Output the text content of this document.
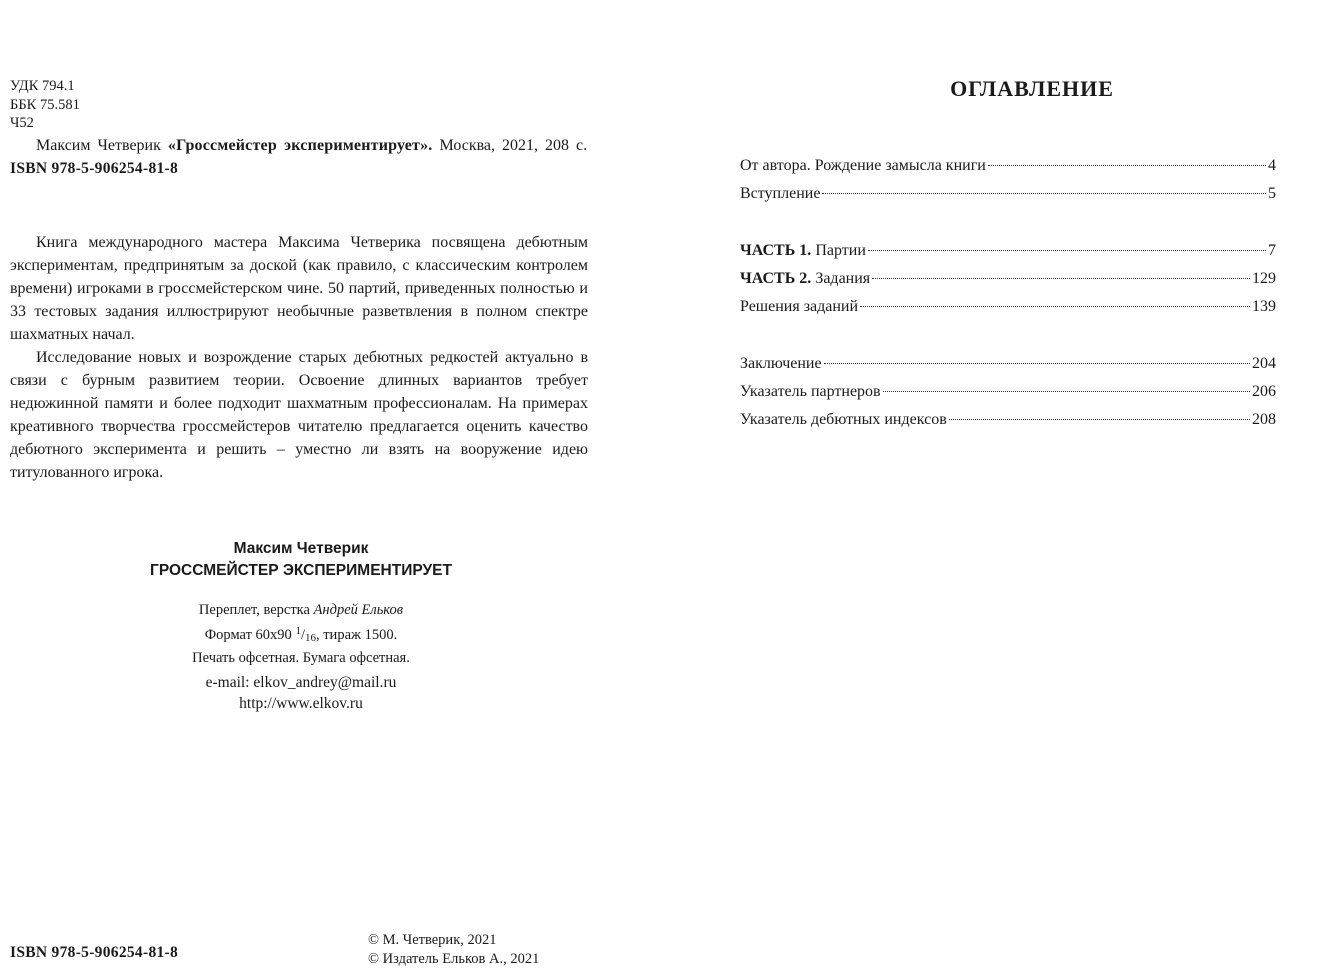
УДК 794.1
ББК 75.581
Ч52
Максим Четверик «Гроссмейстер экспериментирует». Москва, 2021, 208 с.
ISBN 978-5-906254-81-8

Книга международного мастера Максима Четверика посвящена дебютным экспериментам, предпринятым за доской (как правило, с классическим контролем времени) игроками в гроссмейстерском чине. 50 партий, приведенных полностью и 33 тестовых задания иллюстрируют необычные разветвления в полном спектре шахматных начал.

Исследование новых и возрождение старых дебютных редкостей актуально в связи с бурным развитием теории. Освоение длинных вариантов требует недюжинной памяти и более подходит шахматным профессионалам. На примерах креативного творчества гроссмейстеров читателю предлагается оценить качество дебютного эксперимента и решить – уместно ли взять на вооружение идею титулованного игрока.

Максим Четверик
ГРОССМЕЙСТЕР ЭКСПЕРИМЕНТИРУЕТ
Переплет, верстка Андрей Ельков
Формат 60x90 $^1$/16, тираж 1500.
Печать офсетная. Бумага офсетная.
e-mail: elkov_andrey@mail.ru
http://www.elkov.ru
ISBN 978-5-906254-81-8
© М. Четверик, 2021
© Издатель Ельков А., 2021
ОГЛАВЛЕНИЕ
От автора. Рождение замысла книги	4
Вступление	5
ЧАСТЬ 1. Партии	7
ЧАСТЬ 2. Задания	129
Решения заданий	139
Заключение	204
Указатель партнеров	206
Указатель дебютных индексов	208
